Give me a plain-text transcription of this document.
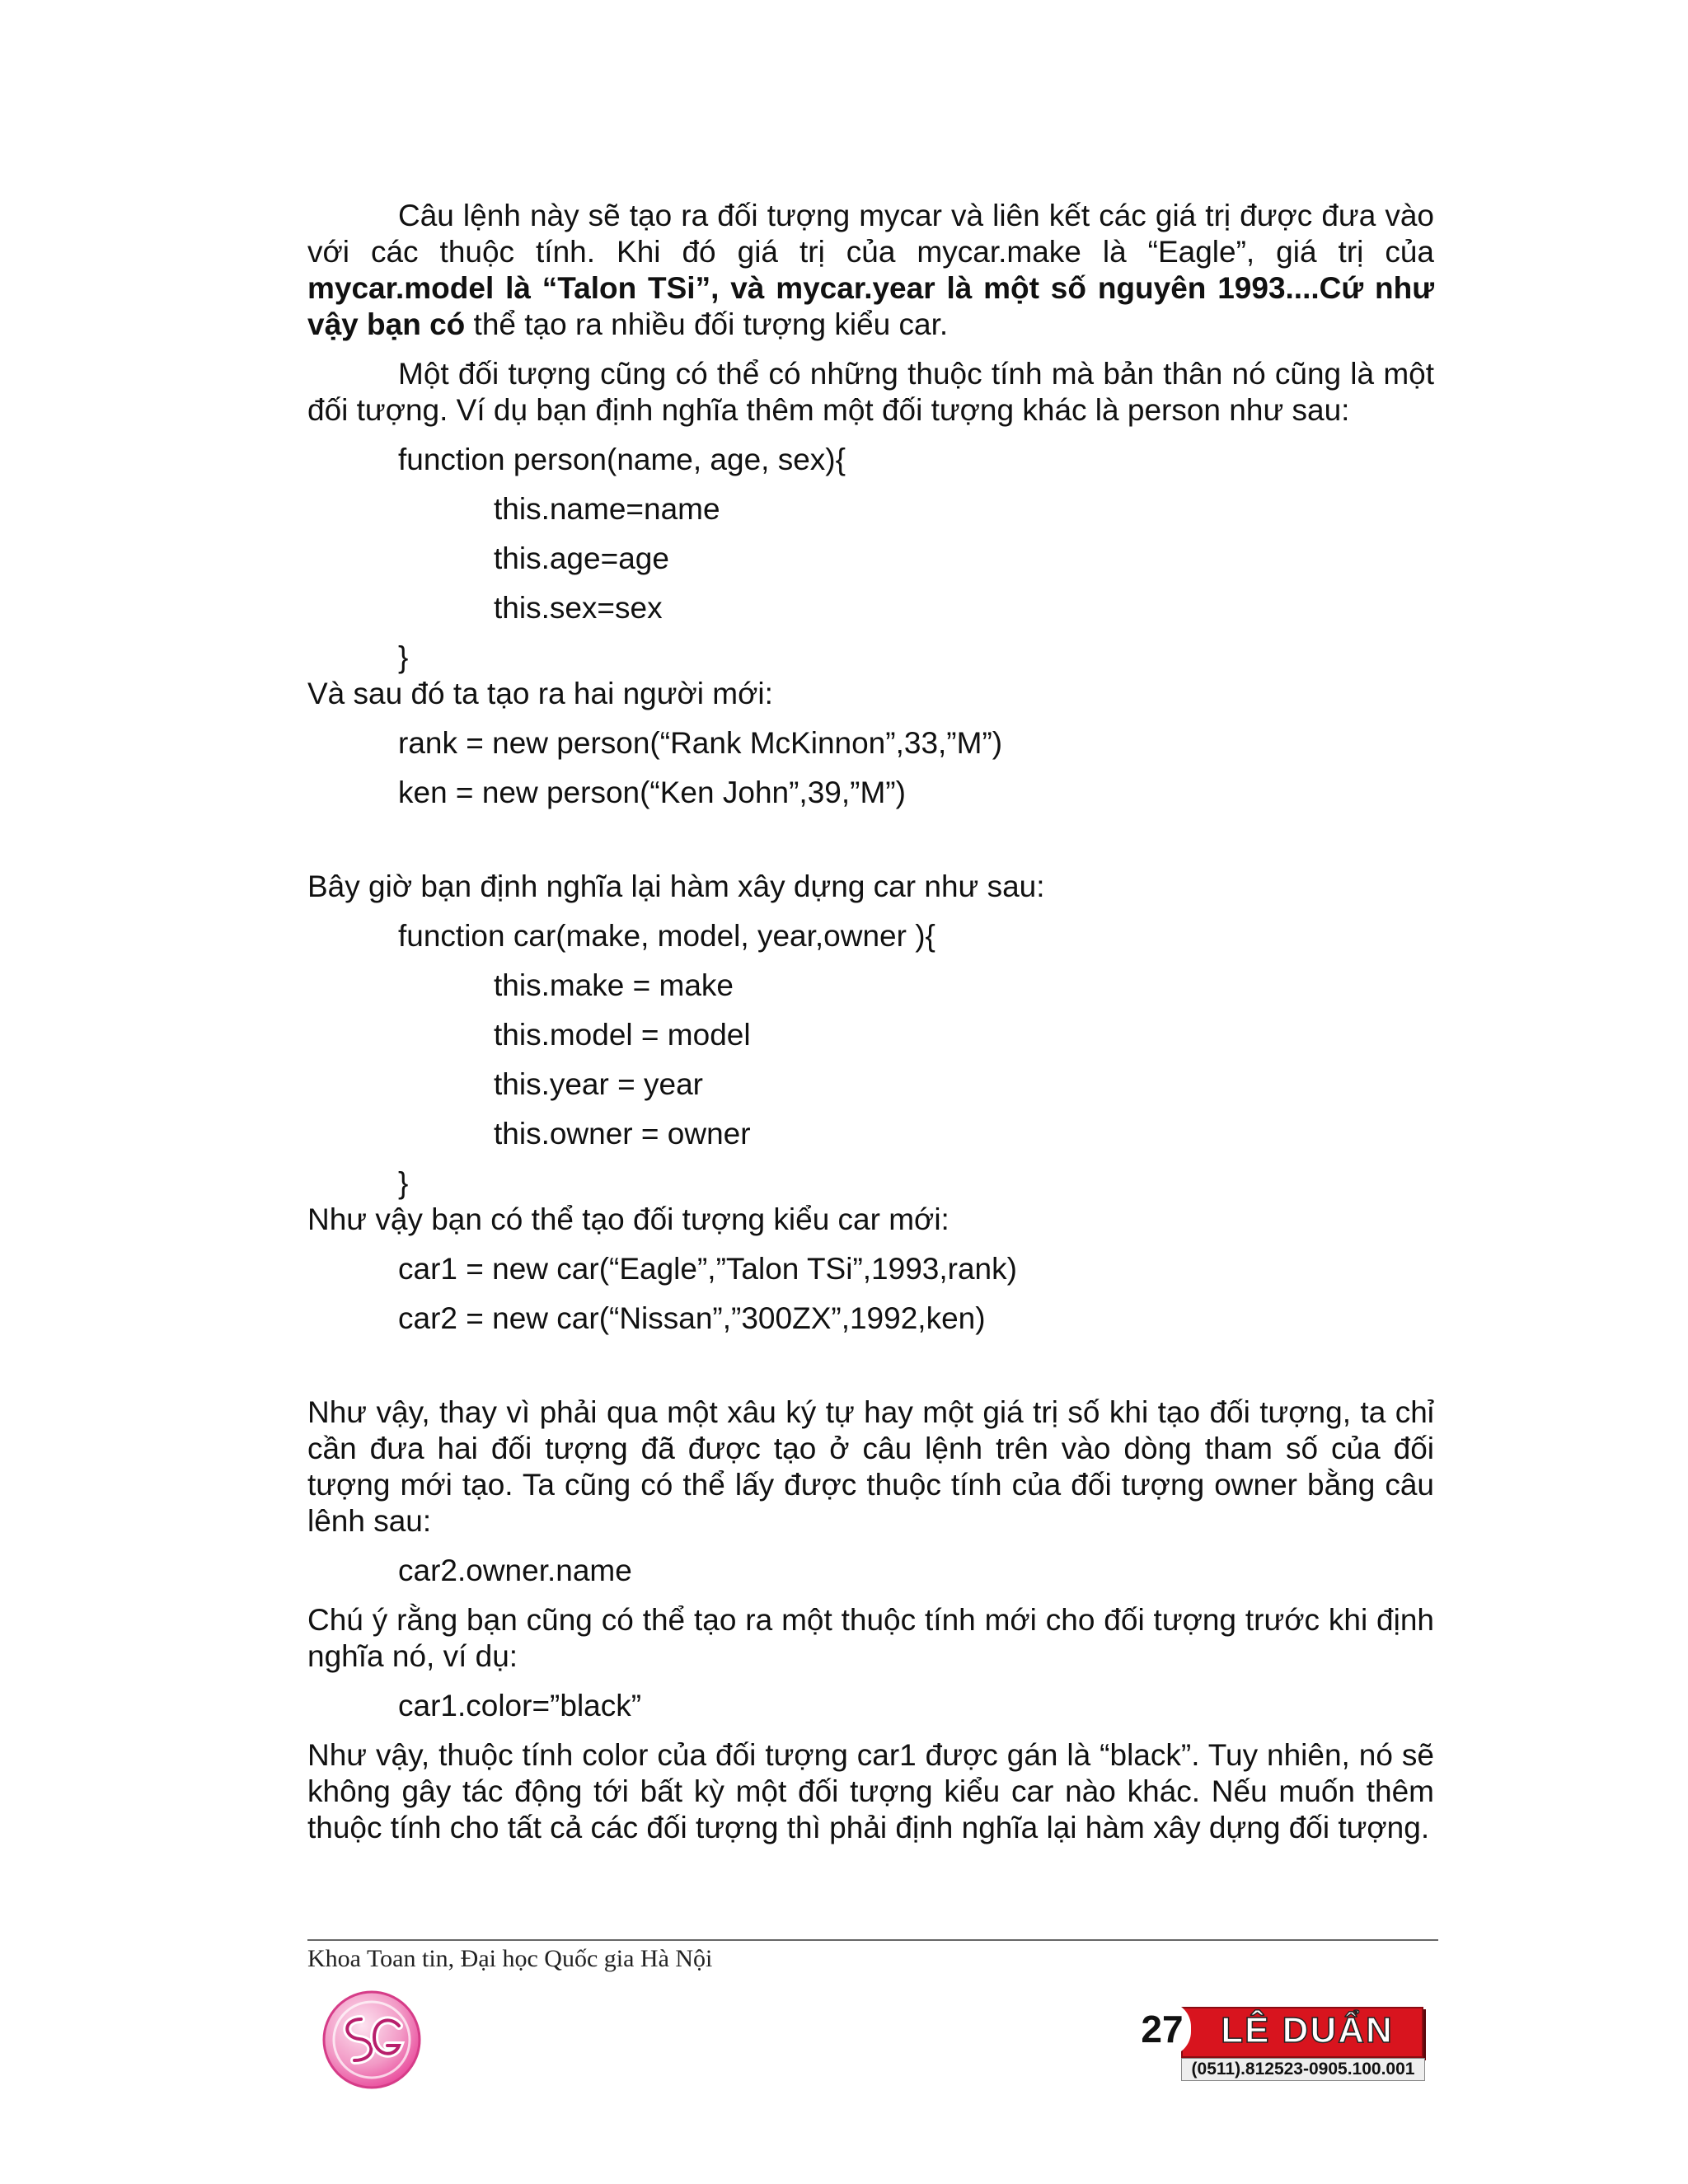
Câu lệnh này sẽ tạo ra đối tượng mycar và liên kết các giá trị được đưa vào với các thuộc tính. Khi đó giá trị của mycar.make là “Eagle”, giá trị của mycar.model là “Talon TSi”, và mycar.year là một số nguyên 1993....Cứ như vậy bạn có thể tạo ra nhiều đối tượng kiểu car.

Một đối tượng cũng có thể có những thuộc tính mà bản thân nó cũng là một đối tượng. Ví dụ bạn định nghĩa thêm một đối tượng khác là person như sau:

function person(name, age, sex){

this.name=name

this.age=age

this.sex=sex

}

Và sau đó ta tạo ra hai người mới:

rank = new person(“Rank McKinnon”,33,”M”)

ken = new person(“Ken John”,39,”M”)

Bây giờ bạn định nghĩa lại hàm xây dựng car như sau:

function car(make, model, year,owner ){

this.make = make

this.model = model

this.year = year

this.owner = owner

}

Như vậy bạn có thể tạo đối tượng kiểu car mới:

car1 = new car(“Eagle”,”Talon TSi”,1993,rank)

car2 = new car(“Nissan”,”300ZX”,1992,ken)

Như vậy, thay vì phải qua một xâu ký tự hay một giá trị số khi tạo đối tượng, ta chỉ cần đưa hai đối tượng đã được tạo ở câu lệnh trên vào dòng tham số của đối tượng mới tạo. Ta cũng có thể lấy được thuộc tính của đối tượng owner bằng câu lênh sau:

car2.owner.name

Chú ý rằng bạn cũng có thể tạo ra một thuộc tính mới cho đối tượng trước khi định nghĩa nó, ví dụ:

car1.color=”black”

Như vậy, thuộc tính color của đối tượng car1 được gán là “black”. Tuy nhiên, nó sẽ không gây tác động tới bất kỳ một đối tượng kiểu car nào khác. Nếu muốn thêm thuộc tính cho tất cả các đối tượng thì phải định nghĩa lại hàm xây dựng đối tượng.

Khoa Toan tin, Đại học Quốc gia Hà Nội
27	LÊ DUẨN
(0511).812523-0905.100.001
